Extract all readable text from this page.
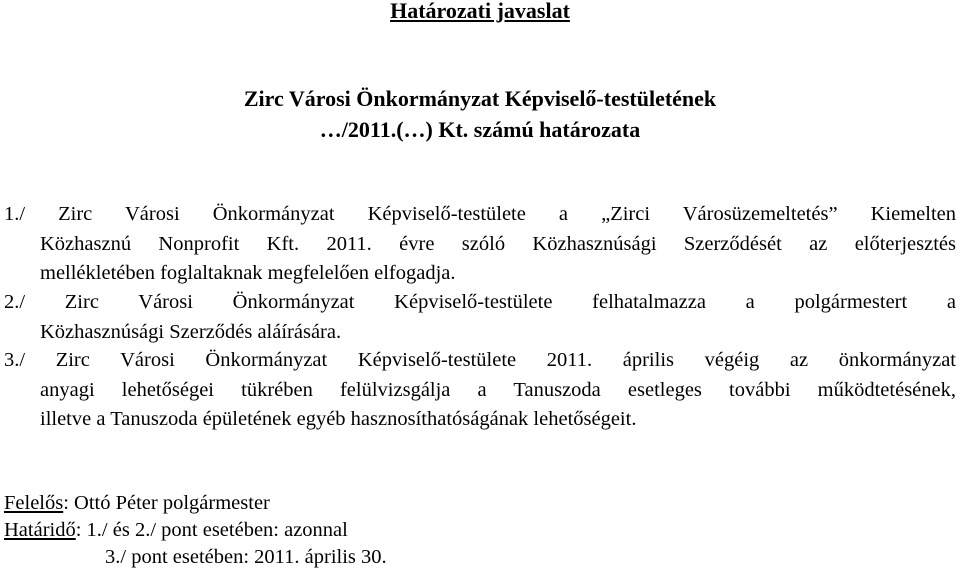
Határozati javaslat
Zirc Városi Önkormányzat Képviselő-testületének
…/2011.(…) Kt. számú határozata
1./ Zirc Városi Önkormányzat Képviselő-testülete a „Zirci Városüzemeltetés” Kiemelten
Közhasznú Nonprofit Kft. 2011. évre szóló Közhasznúsági Szerződését az előterjesztés
mellékletében foglaltaknak megfelelően elfogadja.
2./ Zirc Városi Önkormányzat Képviselő-testülete felhatalmazza a polgármestert a
Közhasznúsági Szerződés aláírására.
3./ Zirc Városi Önkormányzat Képviselő-testülete 2011. április végéig az önkormányzat
anyagi lehetőségei tükrében felülvizsgálja a Tanuszoda esetleges további működtetésének,
illetve a Tanuszoda épületének egyéb hasznosíthatóságának lehetőségeit.
Felelős: Ottó Péter polgármester
Határidő: 1./ és 2./ pont esetében: azonnal
3./ pont esetében: 2011. április 30.
